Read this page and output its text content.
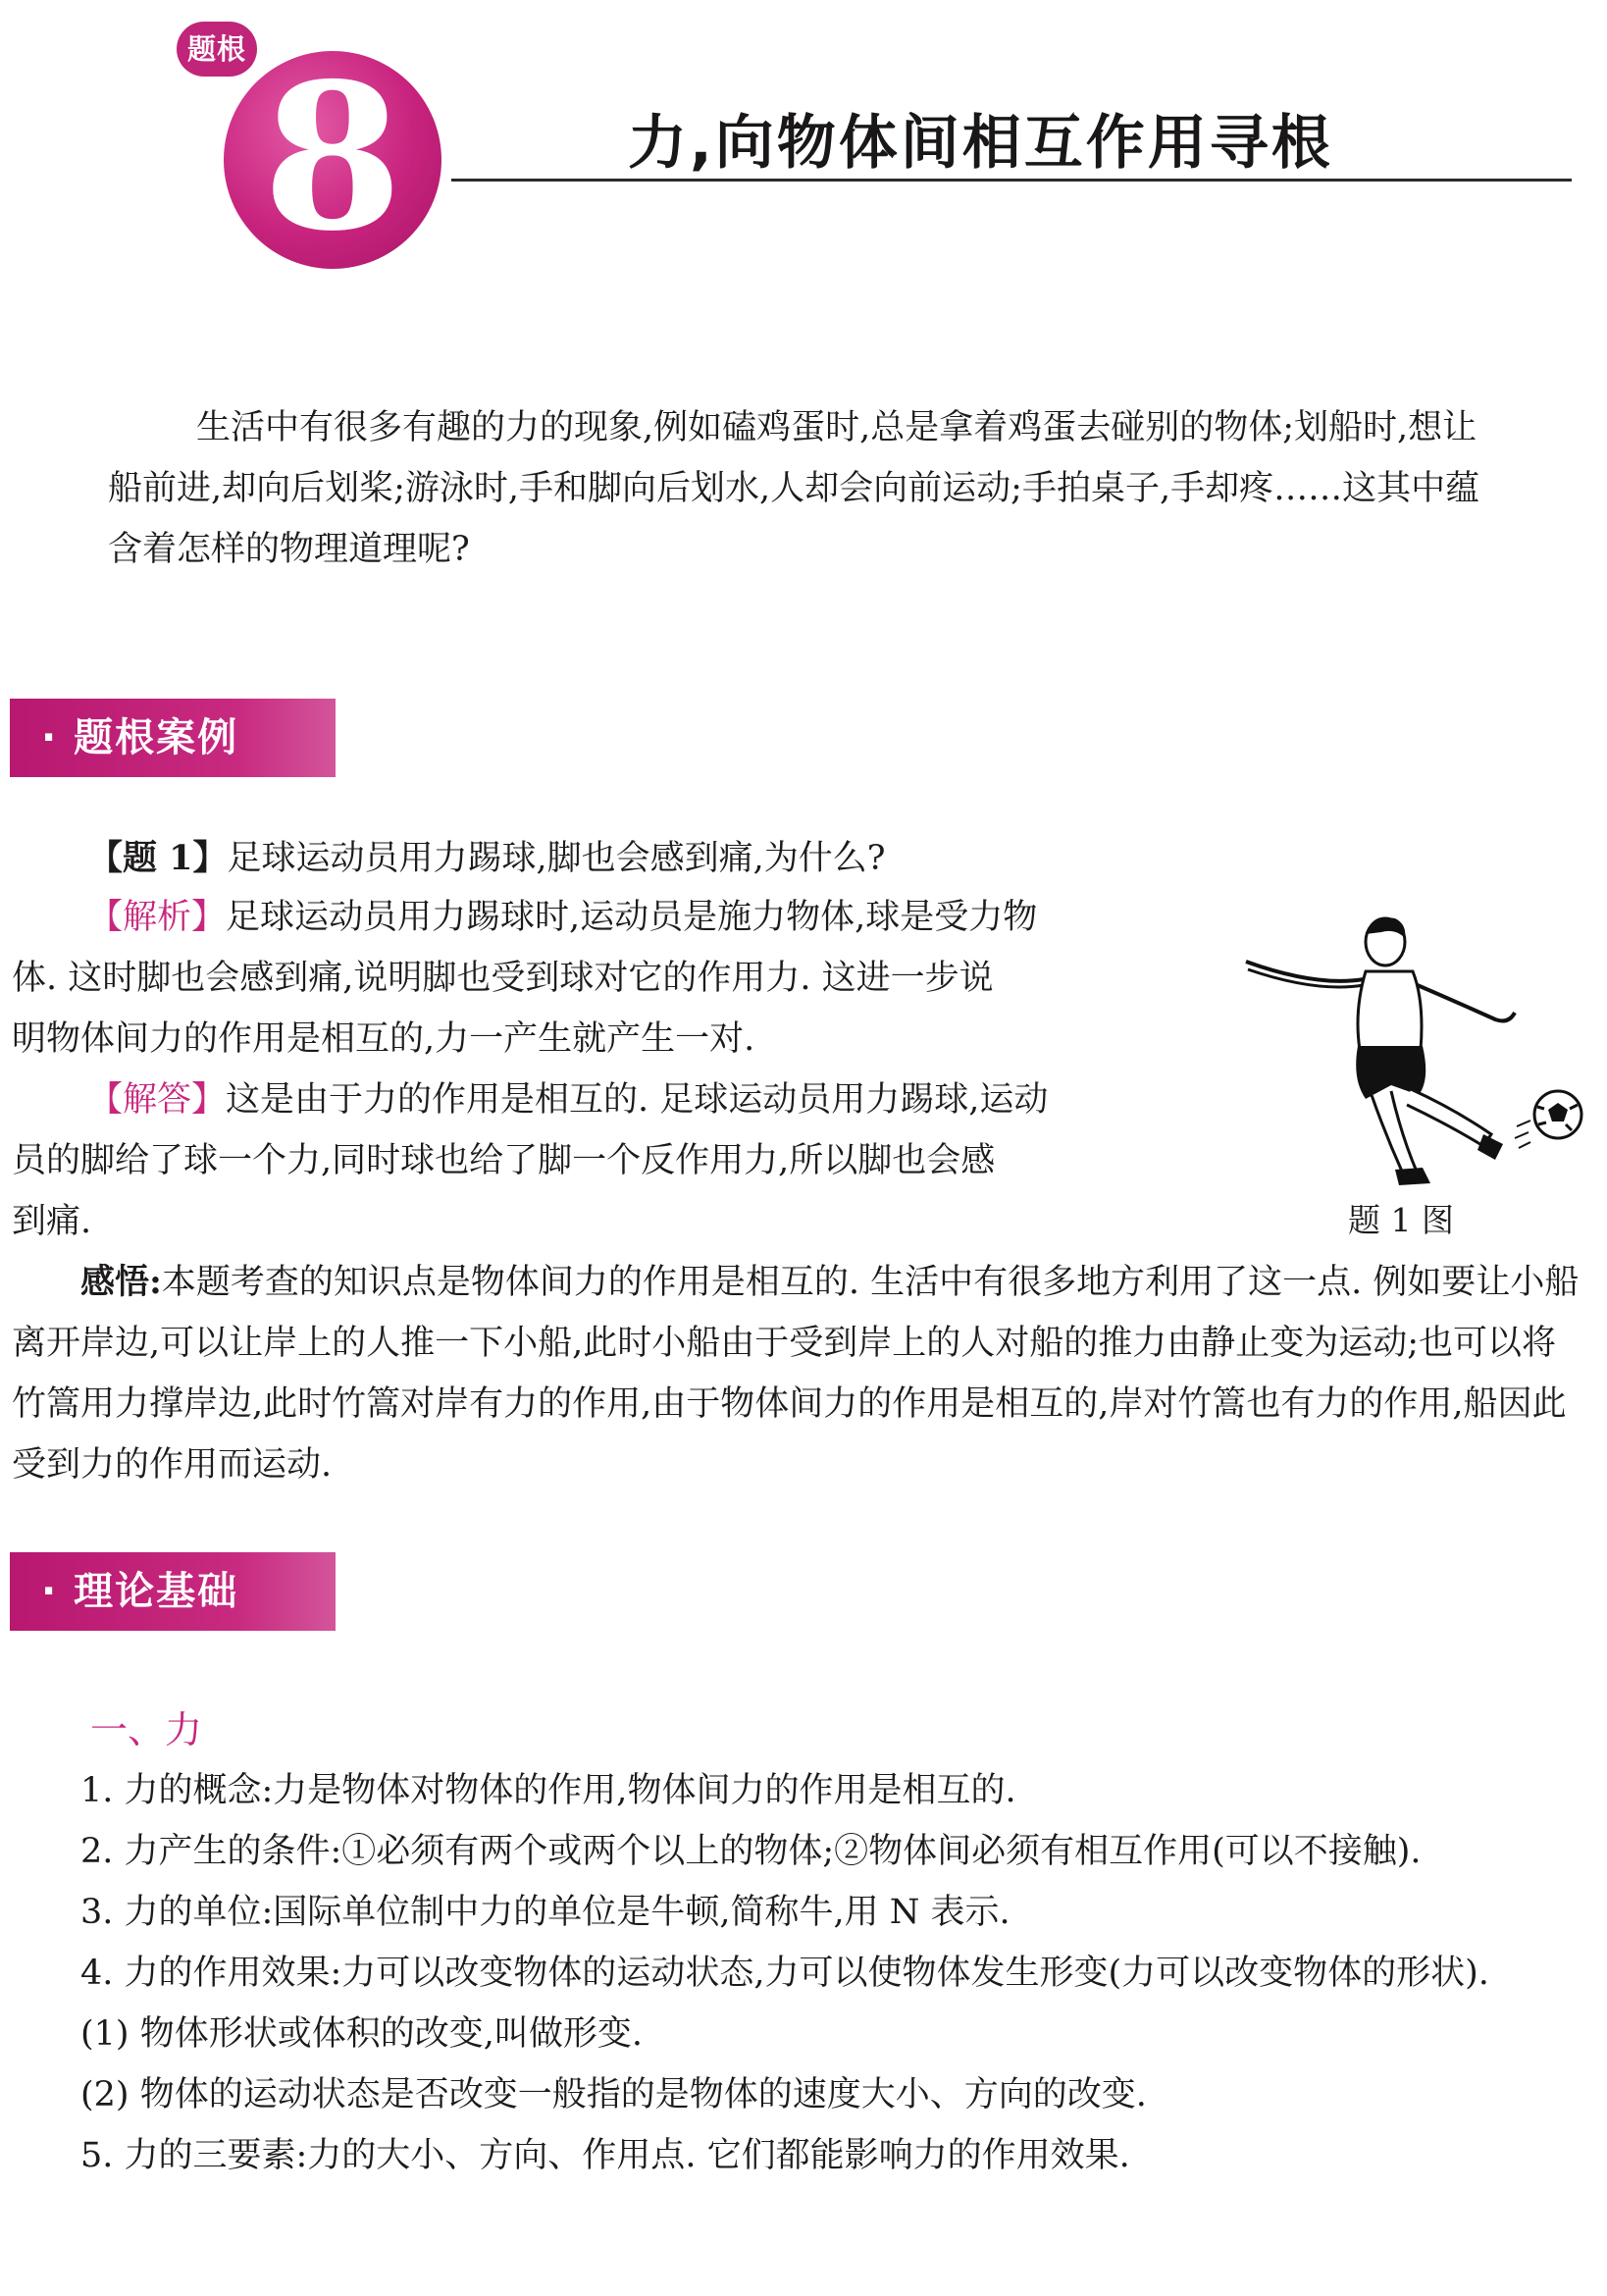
8
题根
力,向物体间相互作用寻根

生活中有很多有趣的力的现象,例如磕鸡蛋时,总是拿着鸡蛋去碰别的物体;划船时,想让船前进,却向后划桨;游泳时,手和脚向后划水,人却会向前运动;手拍桌子,手却疼……这其中蕴含着怎样的物理道理呢?

· 题根案例

【题 1】足球运动员用力踢球,脚也会感到痛,为什么?

【解析】足球运动员用力踢球时,运动员是施力物体,球是受力物
体. 这时脚也会感到痛,说明脚也受到球对它的作用力. 这进一步说
明物体间力的作用是相互的,力一产生就产生一对.
【解答】这是由于力的作用是相互的. 足球运动员用力踢球,运动
员的脚给了球一个力,同时球也给了脚一个反作用力,所以脚也会感
到痛.	题 1 图

感悟:本题考查的知识点是物体间力的作用是相互的. 生活中有很多地方利用了这一点. 例如要让小船离开岸边,可以让岸上的人推一下小船,此时小船由于受到岸上的人对船的推力由静止变为运动;也可以将竹篙用力撑岸边,此时竹篙对岸有力的作用,由于物体间力的作用是相互的,岸对竹篙也有力的作用,船因此受到力的作用而运动.

· 理论基础
一、力

1. 力的概念:力是物体对物体的作用,物体间力的作用是相互的.

2. 力产生的条件:①必须有两个或两个以上的物体;②物体间必须有相互作用(可以不接触).

3. 力的单位:国际单位制中力的单位是牛顿,简称牛,用 N 表示.

4. 力的作用效果:力可以改变物体的运动状态,力可以使物体发生形变(力可以改变物体的形状).

(1) 物体形状或体积的改变,叫做形变.

(2) 物体的运动状态是否改变一般指的是物体的速度大小、方向的改变.

5. 力的三要素:力的大小、方向、作用点. 它们都能影响力的作用效果.
